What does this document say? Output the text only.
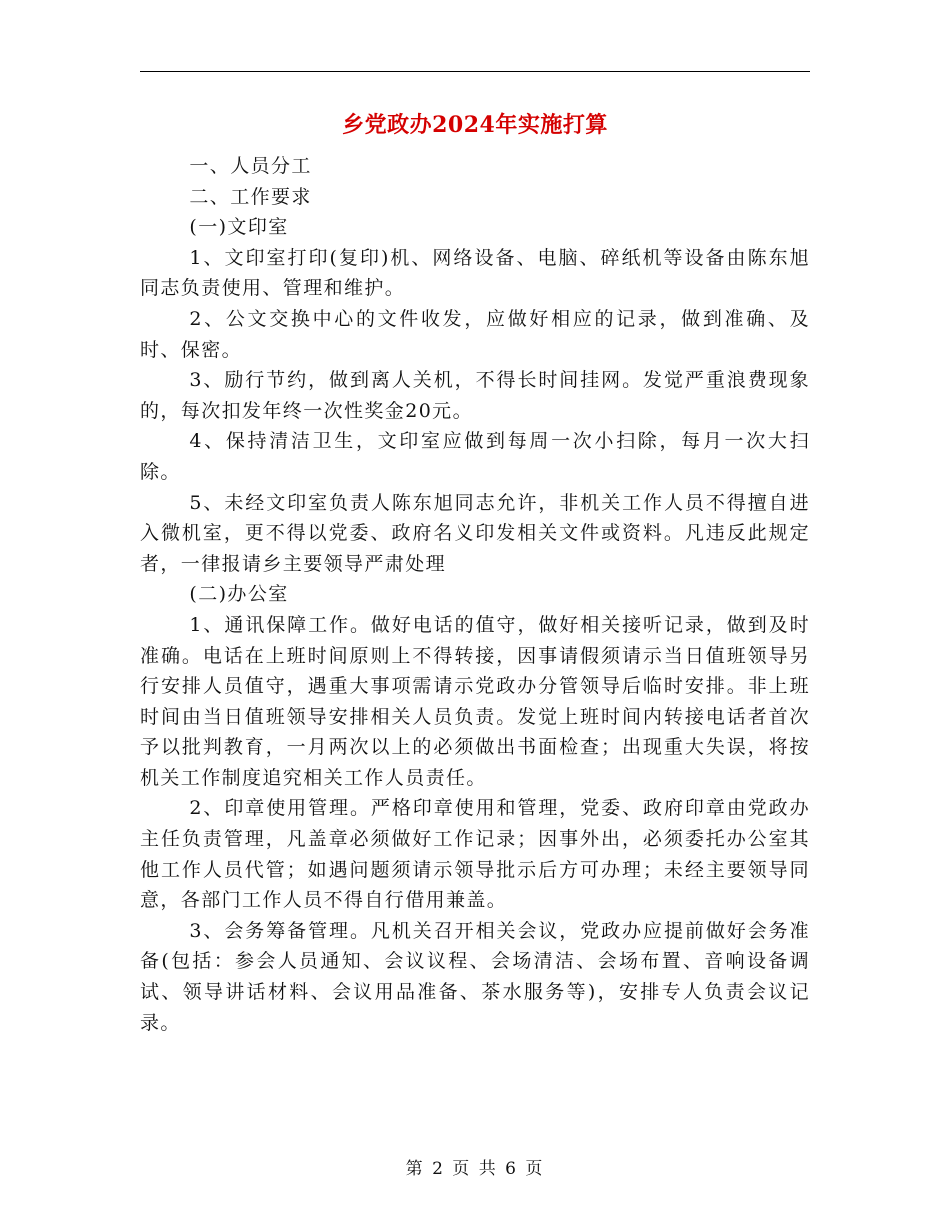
乡党政办2024年实施打算

一、人员分工

二、工作要求

(一)文印室

1、文印室打印(复印)机、网络设备、电脑、碎纸机等设备由陈东旭同志负责使用、管理和维护。

2、公文交换中心的文件收发，应做好相应的记录，做到准确、及时、保密。

3、励行节约，做到离人关机，不得长时间挂网。发觉严重浪费现象的，每次扣发年终一次性奖金20元。

4、保持清洁卫生，文印室应做到每周一次小扫除，每月一次大扫除。

5、未经文印室负责人陈东旭同志允许，非机关工作人员不得擅自进入微机室，更不得以党委、政府名义印发相关文件或资料。凡违反此规定者，一律报请乡主要领导严肃处理

(二)办公室

1、通讯保障工作。做好电话的值守，做好相关接听记录，做到及时准确。电话在上班时间原则上不得转接，因事请假须请示当日值班领导另行安排人员值守，遇重大事项需请示党政办分管领导后临时安排。非上班时间由当日值班领导安排相关人员负责。发觉上班时间内转接电话者首次予以批判教育，一月两次以上的必须做出书面检查；出现重大失误，将按机关工作制度追究相关工作人员责任。

2、印章使用管理。严格印章使用和管理，党委、政府印章由党政办主任负责管理，凡盖章必须做好工作记录；因事外出，必须委托办公室其他工作人员代管；如遇问题须请示领导批示后方可办理；未经主要领导同意，各部门工作人员不得自行借用兼盖。

3、会务筹备管理。凡机关召开相关会议，党政办应提前做好会务准备(包括：参会人员通知、会议议程、会场清洁、会场布置、音响设备调试、领导讲话材料、会议用品准备、茶水服务等)，安排专人负责会议记录。

第 2 页 共 6 页
